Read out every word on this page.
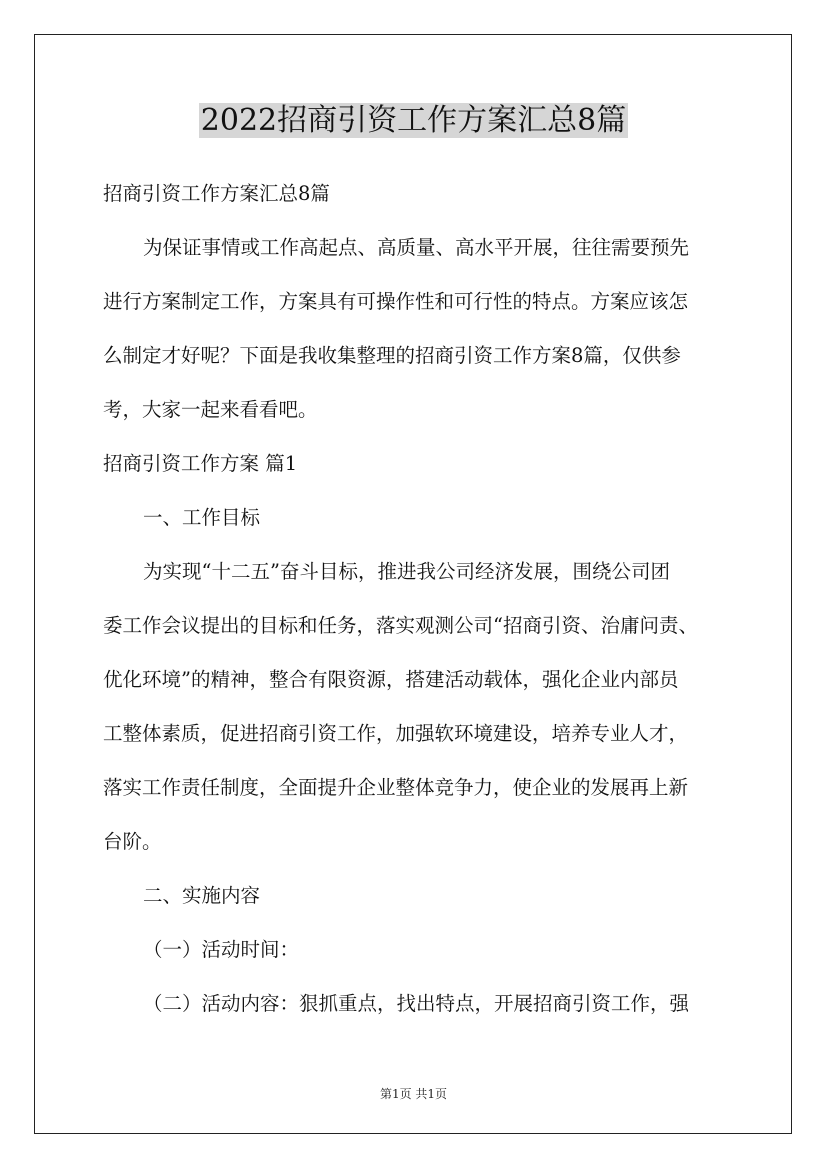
2022招商引资工作方案汇总8篇
招商引资工作方案汇总8篇
为保证事情或工作高起点、高质量、高水平开展，往往需要预先
进行方案制定工作，方案具有可操作性和可行性的特点。方案应该怎
么制定才好呢？下面是我收集整理的招商引资工作方案8篇，仅供参
考，大家一起来看看吧。
招商引资工作方案 篇1
一、工作目标
为实现“十二五”奋斗目标，推进我公司经济发展，围绕公司团
委工作会议提出的目标和任务，落实观测公司“招商引资、治庸问责、
优化环境”的精神，整合有限资源，搭建活动载体，强化企业内部员
工整体素质，促进招商引资工作，加强软环境建设，培养专业人才，
落实工作责任制度，全面提升企业整体竞争力，使企业的发展再上新
台阶。
二、实施内容
（一）活动时间：
（二）活动内容：狠抓重点，找出特点，开展招商引资工作，强
第1页 共1页
